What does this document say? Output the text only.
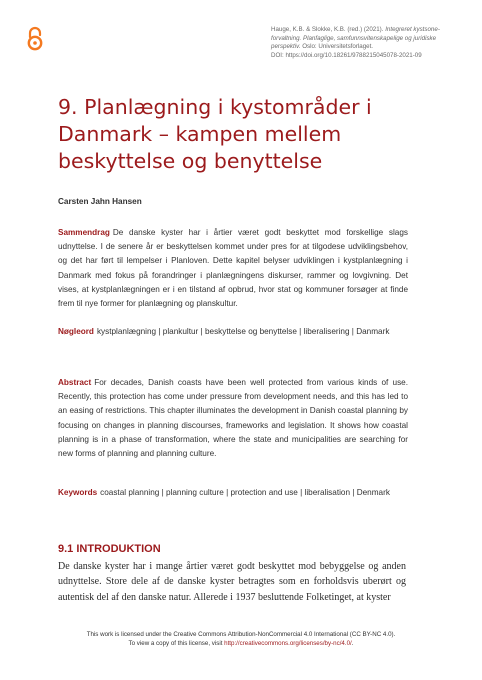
Hauge, K.B. & Slokke, K.B. (red.) (2021). Integreret kystsoneforvaltning. Planfaglige, samfunnsvitenskapelige og juridiske perspektiv. Oslo: Universitetsforlaget.
DOI: https://doi.org/10.18261/9788215045078-2021-09
9. Planlægning i kystområder i Danmark – kampen mellem beskyttelse og benyttelse
Carsten Jahn Hansen

Sammendrag De danske kyster har i årtier været godt beskyttet mod forskellige slags udnyttelse. I de senere år er beskyttelsen kommet under pres for at tilgodese udviklingsbehov, og det har ført til lempelser i Planloven. Dette kapitel belyser udviklingen i kystplanlægning i Danmark med fokus på forandringer i planlægningens diskurser, rammer og lovgivning. Det vises, at kystplanlægningen er i en tilstand af opbrud, hvor stat og kommuner forsøger at finde frem til nye former for planlægning og planskultur.

Nøgleord kystplanlægning | plankultur | beskyttelse og benyttelse | liberalisering | Danmark

Abstract For decades, Danish coasts have been well protected from various kinds of use. Recently, this protection has come under pressure from development needs, and this has led to an easing of restrictions. This chapter illuminates the development in Danish coastal planning by focusing on changes in planning discourses, frameworks and legislation. It shows how coastal planning is in a phase of transformation, where the state and municipalities are searching for new forms of planning and planning culture.

Keywords coastal planning | planning culture | protection and use | liberalisation | Denmark

9.1 INTRODUKTION

De danske kyster har i mange årtier været godt beskyttet mod bebyggelse og anden udnyttelse. Store dele af de danske kyster betragtes som en forholdsvis uberørt og autentisk del af den danske natur. Allerede i 1937 besluttende Folketinget, at kyster

This work is licensed under the Creative Commons Attribution-NonCommercial 4.0 International (CC BY-NC 4.0).
To view a copy of this license, visit http://creativecommons.org/licenses/by-nc/4.0/.
